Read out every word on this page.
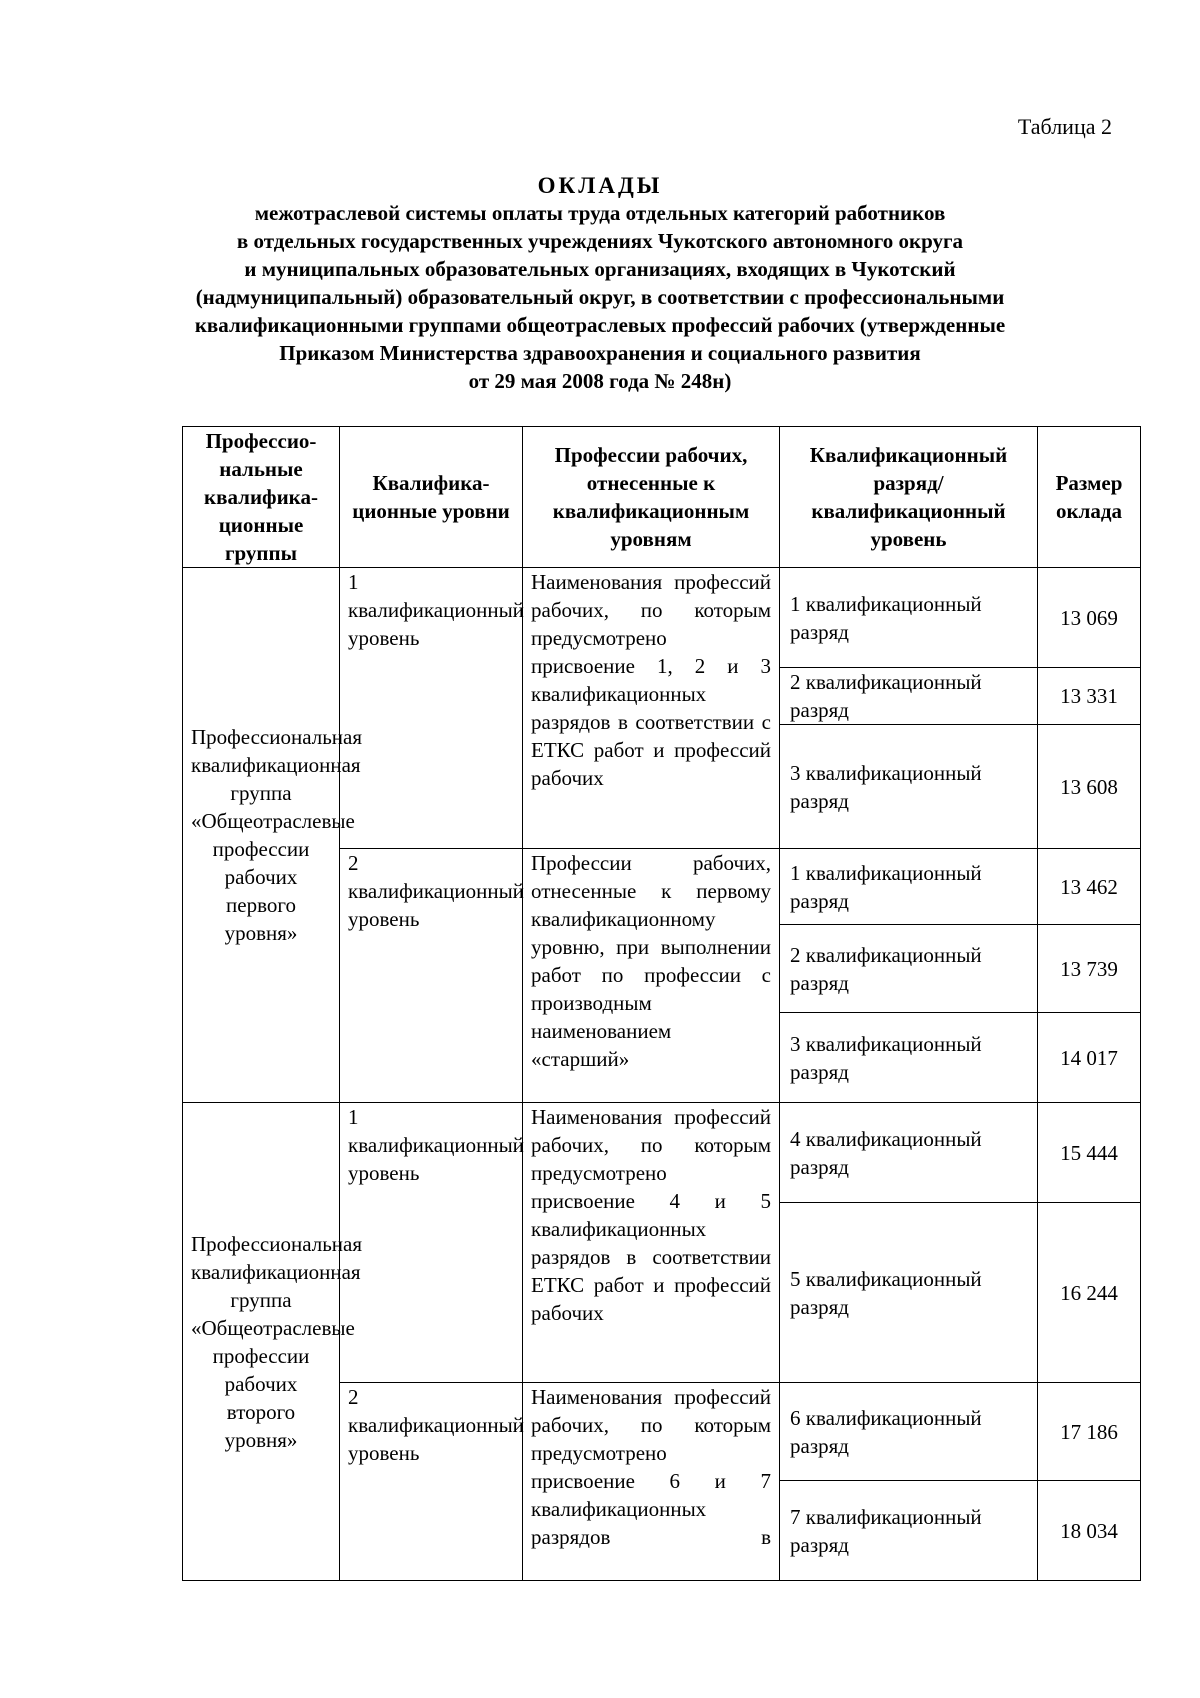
Таблица 2
ОКЛАДЫ
межотраслевой системы оплаты труда отдельных категорий работников
в отдельных государственных учреждениях Чукотского автономного округа
и муниципальных образовательных организациях, входящих в Чукотский
(надмуниципальный) образовательный округ, в соответствии с профессиональными
квалификационными группами общеотраслевых профессий рабочих (утвержденные
Приказом Министерства здравоохранения и социального развития
от 29 мая 2008 года № 248н)
Профессио-нальные квалифика-ционные группы	Квалифика-ционные уровни	Профессии рабочих, отнесенные к квалификационным уровням	Квалификационный разряд/квалификационный уровень	Размер оклада
Профессиональная квалификационная группа «Общеотраслевые профессии рабочих первого уровня»	1 квалификационный уровень	Наименования профессий рабочих, по которым предусмотрено присвоение 1, 2 и 3 квалификационных разрядов в соответствии с ЕТКС работ и профессий рабочих	1 квалификационный разряд	13 069
			2 квалификационный разряд	13 331
			3 квалификационный разряд	13 608
	2 квалификационный уровень	Профессии рабочих, отнесенные к первому квалификационному уровню, при выполнении работ по профессии с производным наименованием «старший»	1 квалификационный разряд	13 462
			2 квалификационный разряд	13 739
			3 квалификационный разряд	14 017
Профессиональная квалификационная группа «Общеотраслевые профессии рабочих второго уровня»	1 квалификационный уровень	Наименования профессий рабочих, по которым предусмотрено присвоение 4 и 5 квалификационных разрядов в соответствии ЕТКС работ и профессий рабочих	4 квалификационный разряд	15 444
			5 квалификационный разряд	16 244
	2 квалификационный уровень	Наименования профессий рабочих, по которым предусмотрено присвоение 6 и 7 квалификационных разрядов в	6 квалификационный разряд	17 186
			7 квалификационный разряд	18 034
